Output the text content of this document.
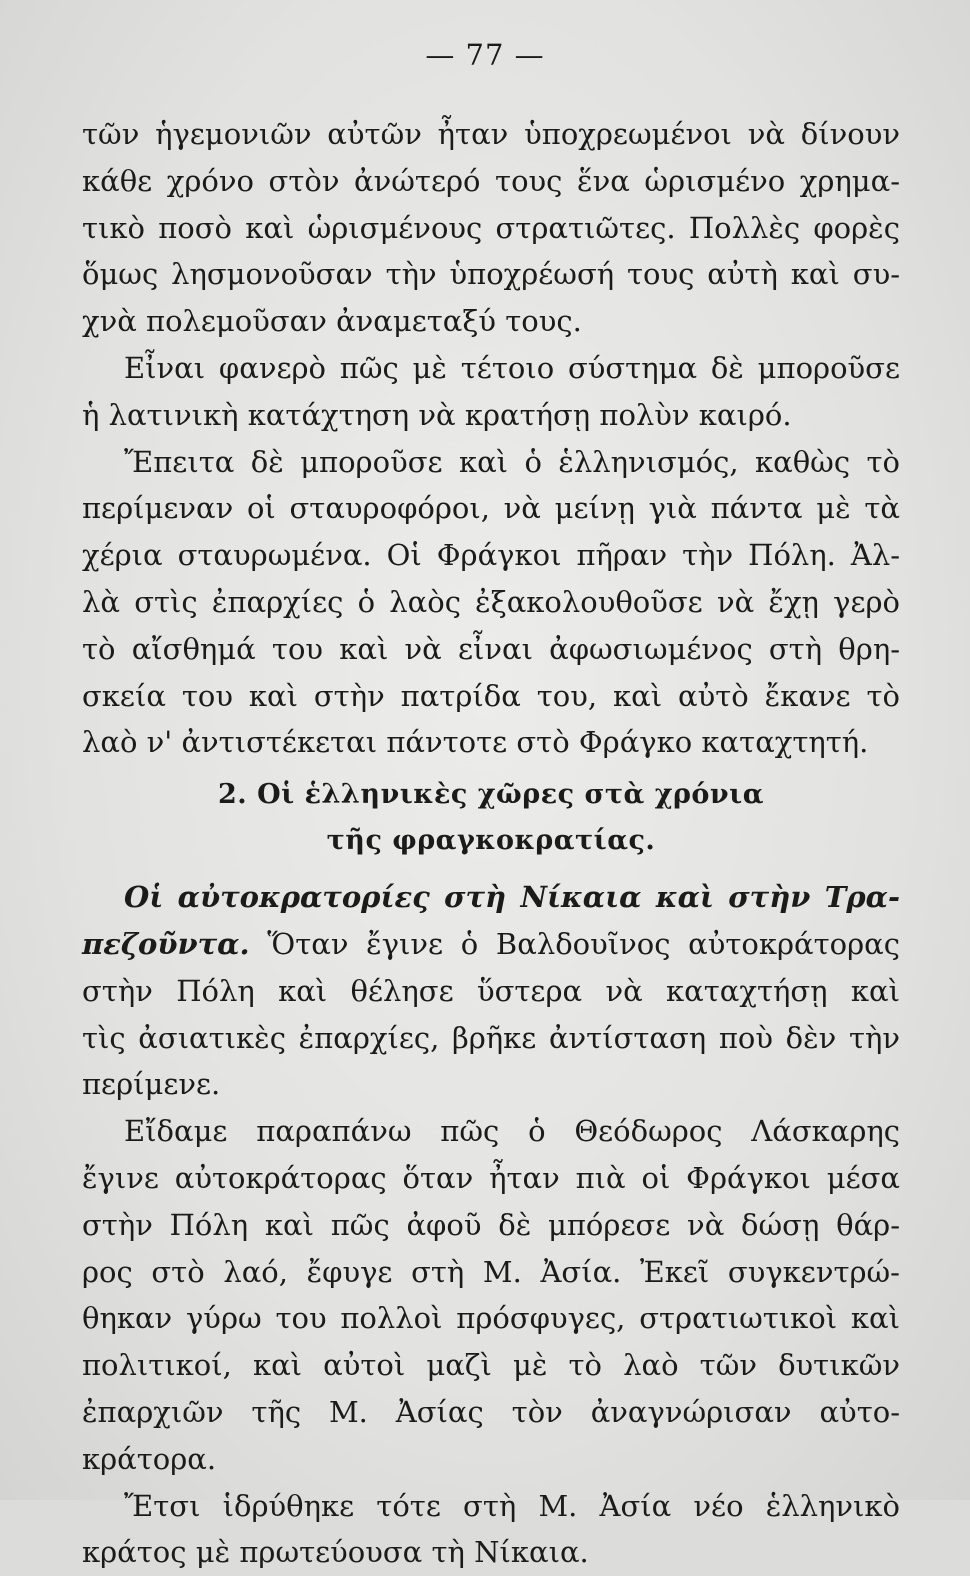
— 77 —
τῶν ἡγεμονιῶν αὐτῶν ἦταν ὑποχρεωμένοι νὰ δίνουν
κάθε χρόνο στὸν ἀνώτερό τους ἕνα ὡρισμένο χρημα-
τικὸ ποσὸ καὶ ὡρισμένους στρατιῶτες. Πολλὲς φορὲς
ὅμως λησμονοῦσαν τὴν ὑποχρέωσή τους αὐτὴ καὶ συ-
χνὰ πολεμοῦσαν ἀναμεταξύ τους.
Εἶναι φανερὸ πῶς μὲ τέτοιο σύστημα δὲ μποροῦσε
ἡ λατινικὴ κατάχτηση νὰ κρατήσῃ πολὺν καιρό.
Ἔπειτα δὲ μποροῦσε καὶ ὁ ἑλληνισμός, καθὼς τὸ
περίμεναν οἱ σταυροφόροι, νὰ μείνῃ γιὰ πάντα μὲ τὰ
χέρια σταυρωμένα. Οἱ Φράγκοι πῆραν τὴν Πόλη. Ἀλ-
λὰ στὶς ἐπαρχίες ὁ λαὸς ἐξακολουθοῦσε νὰ ἔχῃ γερὸ
τὸ αἴσθημά του καὶ νὰ εἶναι ἀφωσιωμένος στὴ θρη-
σκεία του καὶ στὴν πατρίδα του, καὶ αὐτὸ ἔκανε τὸ
λαὸ ν' ἀντιστέκεται πάντοτε στὸ Φράγκο καταχτητή.
2. Οἱ ἑλληνικὲς χῶρες στὰ χρόνια
τῆς φραγκοκρατίας.
Οἱ αὐτοκρατορίες στὴ Νίκαια καὶ στὴν Τρα-
πεζοῦντα. Ὅταν ἔγινε ὁ Βαλδουῖνος αὐτοκράτορας
στὴν Πόλη καὶ θέλησε ὕστερα νὰ καταχτήσῃ καὶ
τὶς ἀσιατικὲς ἐπαρχίες, βρῆκε ἀντίσταση ποὺ δὲν τὴν
περίμενε.
Εἴδαμε παραπάνω πῶς ὁ Θεόδωρος Λάσκαρης
ἔγινε αὐτοκράτορας ὅταν ἦταν πιὰ οἱ Φράγκοι μέσα
στὴν Πόλη καὶ πῶς ἀφοῦ δὲ μπόρεσε νὰ δώσῃ θάρ-
ρος στὸ λαό, ἔφυγε στὴ Μ. Ἀσία. Ἐκεῖ συγκεντρώ-
θηκαν γύρω του πολλοὶ πρόσφυγες, στρατιωτικοὶ καὶ
πολιτικοί, καὶ αὐτοὶ μαζὶ μὲ τὸ λαὸ τῶν δυτικῶν
ἐπαρχιῶν τῆς Μ. Ἀσίας τὸν ἀναγνώρισαν αὐτο-
κράτορα.
Ἔτσι ἱδρύθηκε τότε στὴ Μ. Ἀσία νέο ἑλληνικὸ
κράτος μὲ πρωτεύουσα τὴ Νίκαια.
